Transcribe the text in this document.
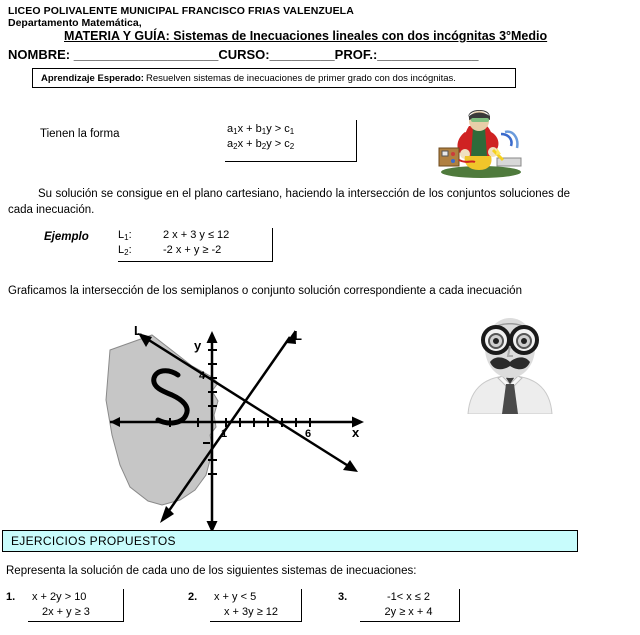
LICEO POLIVALENTE MUNICIPAL FRANCISCO FRIAS VALENZUELA
Departamento Matemática,
MATERIA Y GUÍA: Sistemas de Inecuaciones lineales con dos incógnitas 3°Medio
NOMBRE: ____________________CURSO:_________PROF.:______________
Aprendizaje Esperado: Resuelven sistemas de inecuaciones de primer grado con dos incógnitas.
Tienen la forma	$a_1x + b_1y > c_1$
$a_2x + b_2y > c_2$
Su solución se consigue en el plano cartesiano, haciendo la intersección de los conjuntos soluciones de cada inecuación.
Ejemplo	$L_1$:	2 x + 3 y ≤ 12
$L_2$:	-2 x + y ≥ -2
Graficamos la intersección de los semiplanos o conjunto solución correspondiente a cada inecuación
L	L
y
x
1	6
4
EJERCICIOS PROPUESTOS
Representa la solución de cada uno de los siguientes sistemas de inecuaciones:
1. x + 2y > 10
2x + y ≥ 3
2. x + y < 5
x + 3y ≥ 12
3.	-1< x ≤ 2
2y ≥ x + 4
